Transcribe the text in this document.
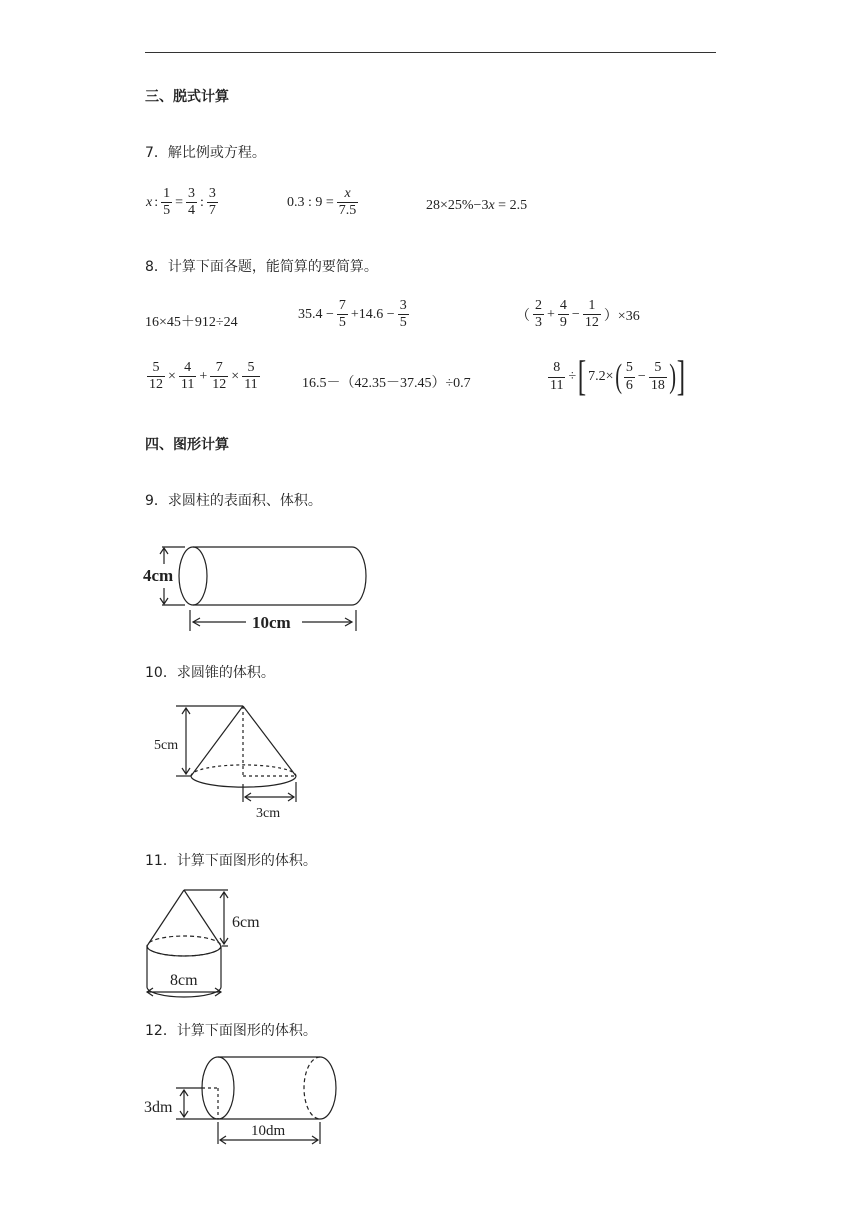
三、脱式计算
7．解比例或方程。
x : $\frac{1}{5} = \frac{3}{4}$ : $\frac{3}{7}$	0.3 : $9 = \frac{x}{7.5}$	28×25%−3x = 2.5
8．计算下面各题，能简算的要简算。
16×45＋912÷24
$35.4 - \frac{7}{5} +14.6 - \frac{3}{5}$	（ $\frac{2}{3} + \frac{4}{9} - \frac{1}{12} )\times 36$
$\frac{5}{12} \times \frac{4}{11} + \frac{7}{12} \times \frac{5}{11}$	16.5－（42.35－37.45）÷0.7	$\frac{8}{11}$ ÷[ $7.2\times( \frac{5}{6} - \frac{5}{18}$ )]
四、图形计算
9．求圆柱的表面积、体积。
4cm
10cm
10．求圆锥的体积。
5cm
3cm
11．计算下面图形的体积。
6cm
8cm
12．计算下面图形的体积。
3dm
10dm
